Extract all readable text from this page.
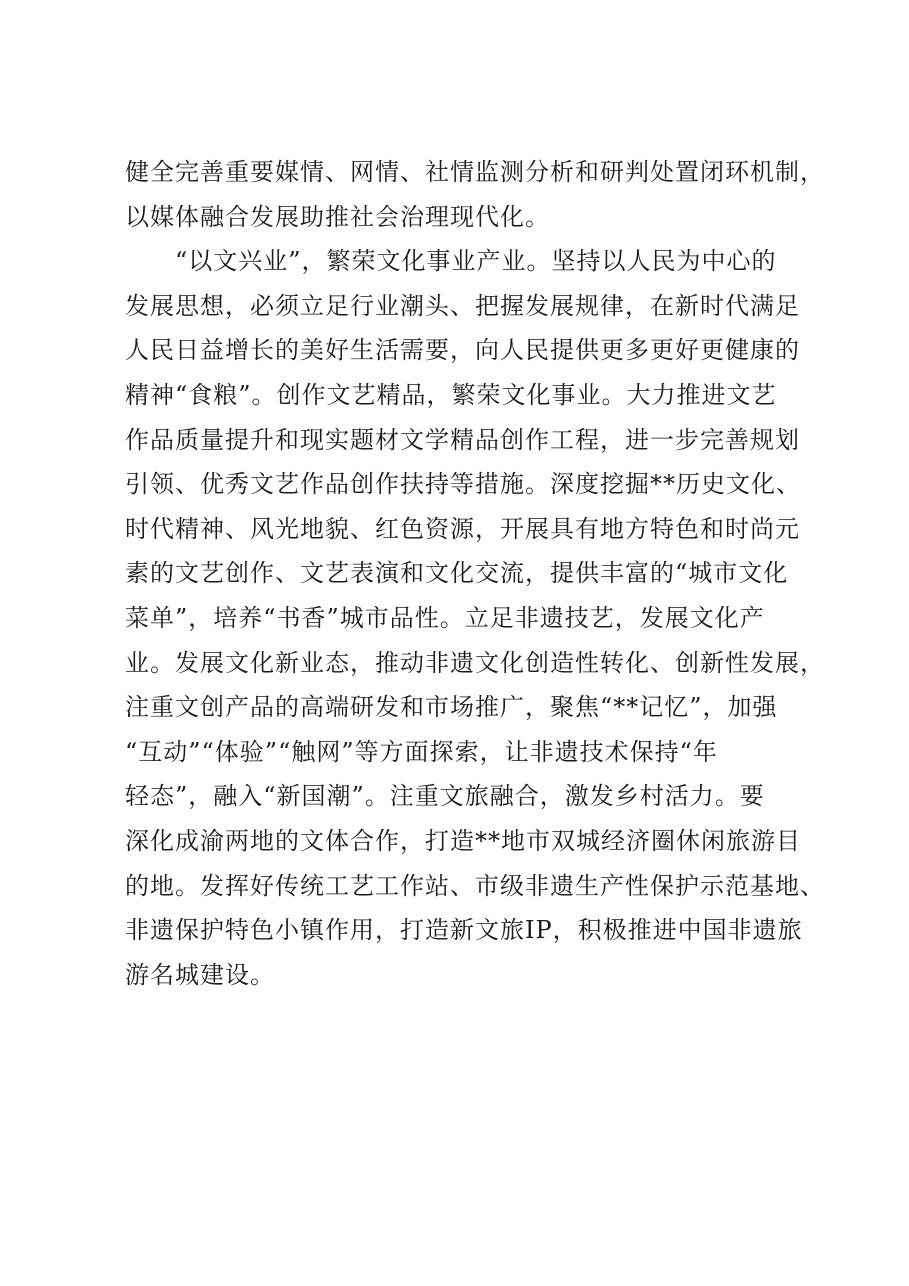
健全完善重要媒情、网情、社情监测分析和研判处置闭环机制，
以媒体融合发展助推社会治理现代化。
“以文兴业”，繁荣文化事业产业。坚持以人民为中心的
发展思想，必须立足行业潮头、把握发展规律，在新时代满足
人民日益增长的美好生活需要，向人民提供更多更好更健康的
精神“食粮”。创作文艺精品，繁荣文化事业。大力推进文艺
作品质量提升和现实题材文学精品创作工程，进一步完善规划
引领、优秀文艺作品创作扶持等措施。深度挖掘**历史文化、
时代精神、风光地貌、红色资源，开展具有地方特色和时尚元
素的文艺创作、文艺表演和文化交流，提供丰富的“城市文化
菜单”，培养“书香”城市品性。立足非遗技艺，发展文化产
业。发展文化新业态，推动非遗文化创造性转化、创新性发展，
注重文创产品的高端研发和市场推广，聚焦“**记忆”，加强
“互动”“体验”“触网”等方面探索，让非遗技术保持“年
轻态”，融入“新国潮”。注重文旅融合，激发乡村活力。要
深化成渝两地的文体合作，打造**地市双城经济圈休闲旅游目
的地。发挥好传统工艺工作站、市级非遗生产性保护示范基地、
非遗保护特色小镇作用，打造新文旅IP，积极推进中国非遗旅
游名城建设。
